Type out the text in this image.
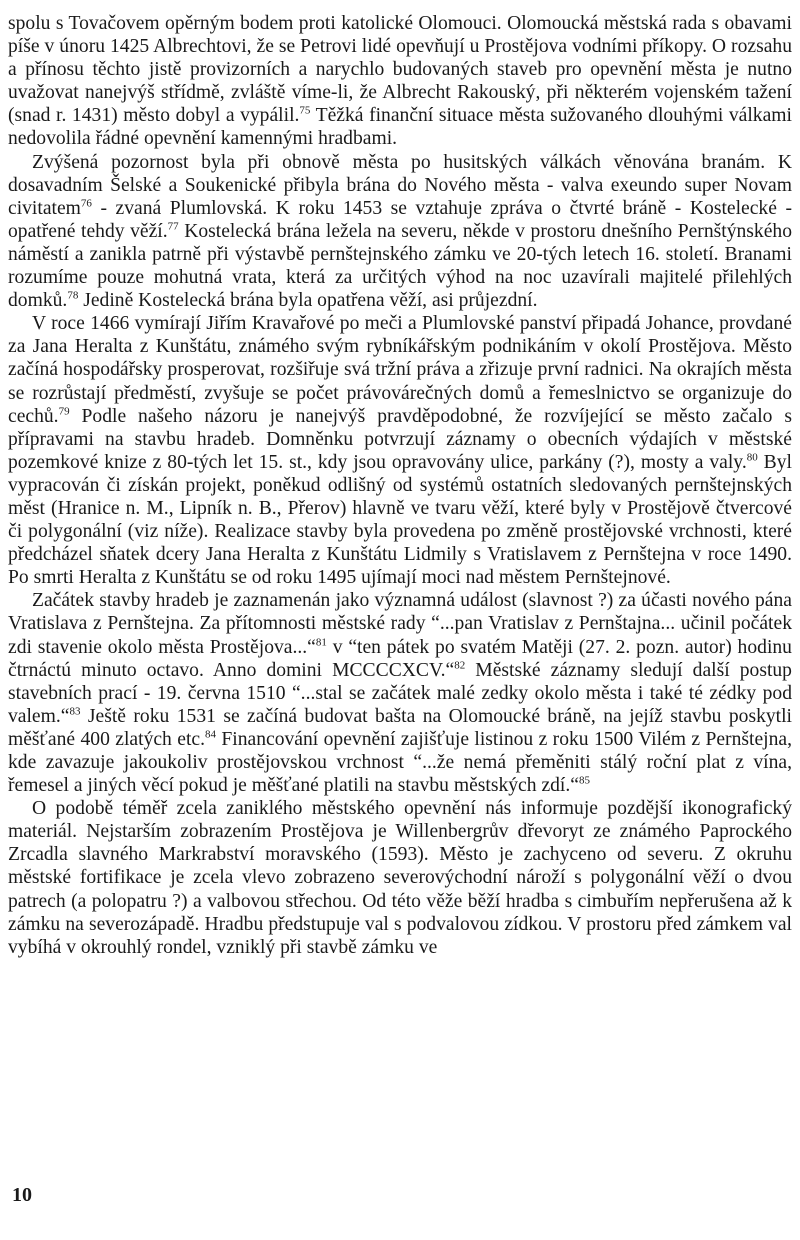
spolu s Tovačovem opěrným bodem proti katolické Olomouci. Olomoucká městská rada s obavami píše v únoru 1425 Albrechtovi, že se Petrovi lidé opevňují u Prostějova vodními příkopy. O rozsahu a přínosu těchto jistě provizorních a narychlo budovaných staveb pro opevnění města je nutno uvažovat nanejvýš střídmě, zvláště víme-li, že Albrecht Rakouský, při některém vojenském tažení (snad r. 1431) město dobyl a vypálil.$^{75}$ Těžká finanční situace města sužovaného dlouhými válkami nedovolila řádné opevnění kamennými hradbami.

Zvýšená pozornost byla při obnově města po husitských válkách věnována branám. K dosavadním Šelské a Soukenické přibyla brána do Nového města - valva exeundo super Novam civitatem$^{76}$ - zvaná Plumlovská. K roku 1453 se vztahuje zpráva o čtvrté bráně - Kostelecké - opatřené tehdy věží.$^{77}$ Kostelecká brána ležela na severu, někde v prostoru dnešního Pernštýnského náměstí a zanikla patrně při výstavbě pernštejnského zámku ve 20-tých letech 16. století. Branami rozumíme pouze mohutná vrata, která za určitých výhod na noc uzavírali majitelé přilehlých domků.$^{78}$ Jedině Kostelecká brána byla opatřena věží, asi průjezdní.

V roce 1466 vymírají Jiřím Kravařové po meči a Plumlovské panství připadá Johance, provdané za Jana Heralta z Kunštátu, známého svým rybníkářským podnikáním v okolí Prostějova. Město začíná hospodářsky prosperovat, rozšiřuje svá tržní práva a zřizuje první radnici. Na okrajích města se rozrůstají předměstí, zvyšuje se počet právovárečných domů a řemeslnictvo se organizuje do cechů.$^{79}$ Podle našeho názoru je nanejvýš pravděpodobné, že rozvíjející se město začalo s přípravami na stavbu hradeb. Domněnku potvrzují záznamy o obecních výdajích v městské pozemkové knize z 80-tých let 15. st., kdy jsou opravovány ulice, parkány (?), mosty a valy.$^{80}$ Byl vypracován či získán projekt, poněkud odlišný od systémů ostatních sledovaných pernštejnských měst (Hranice n. M., Lipník n. B., Přerov) hlavně ve tvaru věží, které byly v Prostějově čtvercové či polygonální (viz níže). Realizace stavby byla provedena po změně prostějovské vrchnosti, které předcházel sňatek dcery Jana Heralta z Kunštátu Lidmily s Vratislavem z Pernštejna v roce 1490. Po smrti Heralta z Kunštátu se od roku 1495 ujímají moci nad městem Pernštejnové.

Začátek stavby hradeb je zaznamenán jako významná událost (slavnost ?) za účasti nového pána Vratislava z Pernštejna. Za přítomnosti městské rady “...pan Vratislav z Pernštajna... učinil počátek zdi stavenie okolo města Prostějova...“$^{81}$ v “ten pátek po svatém Matěji (27. 2. pozn. autor) hodinu čtrnáctú minuto octavo. Anno domini MCCCCXCV.“$^{82}$ Městské záznamy sledují další postup stavebních prací - 19. června 1510 “...stal se začátek malé zedky okolo města i také té zédky pod valem.“$^{83}$ Ještě roku 1531 se začíná budovat bašta na Olomoucké bráně, na jejíž stavbu poskytli měšťané 400 zlatých etc.$^{84}$ Financování opevnění zajišťuje listinou z roku 1500 Vilém z Pernštejna, kde zavazuje jakoukoliv prostějovskou vrchnost “...že nemá přeměniti stálý roční plat z vína, řemesel a jiných věcí pokud je měšťané platili na stavbu městských zdí.“$^{85}$

O podobě téměř zcela zaniklého městského opevnění nás informuje pozdější ikonografický materiál. Nejstarším zobrazením Prostějova je Willenbergrův dřevoryt ze známého Paprockého Zrcadla slavného Markrabství moravského (1593). Město je zachyceno od severu. Z okruhu městské fortifikace je zcela vlevo zobrazeno severovýchodní nároží s polygonální věží o dvou patrech (a polopatru ?) a valbovou střechou. Od této věže běží hradba s cimbuřím nepřerušena až k zámku na severozápadě. Hradbu předstupuje val s podvalovou zídkou. V prostoru před zámkem val vybíhá v okrouhlý rondel, vzniklý při stavbě zámku ve

10
